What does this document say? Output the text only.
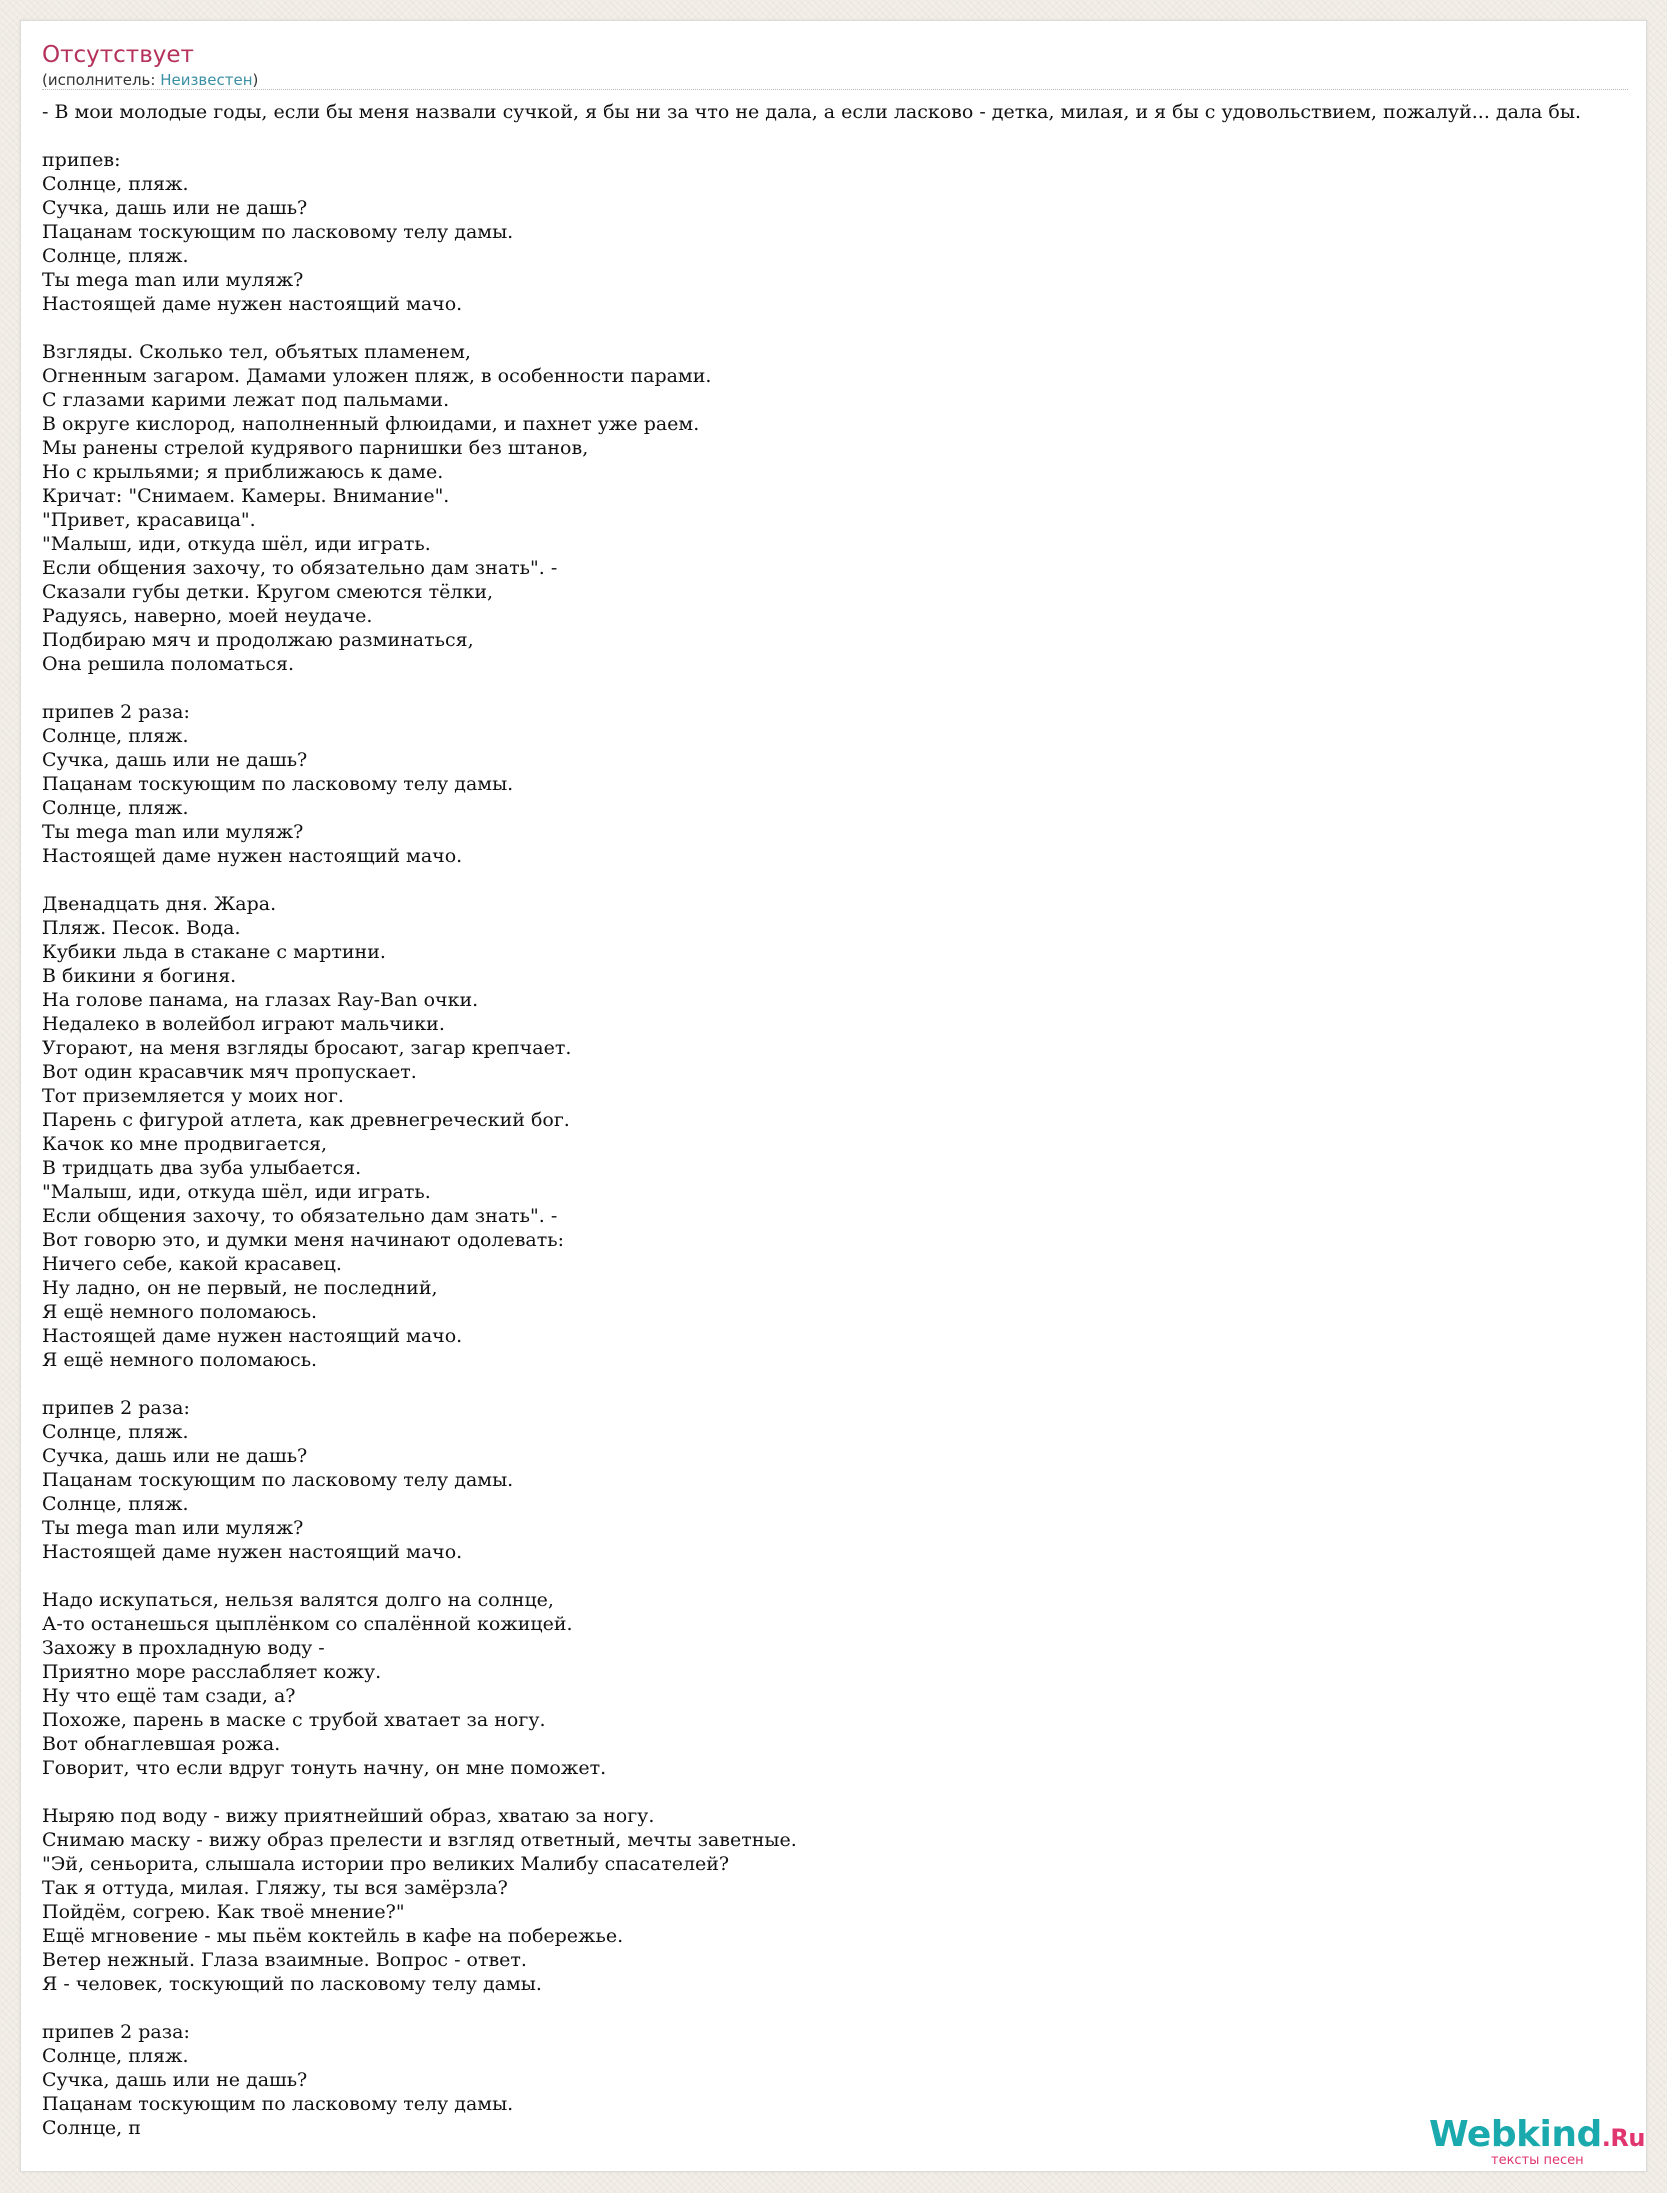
Отсутствует
(исполнитель: Неизвестен)
- В мои молодые годы, если бы меня назвали сучкой, я бы ни за что не дала, а если ласково - детка, милая, и я бы с удовольствием, пожалуй... дала бы.
припев:
Солнце, пляж.
Сучка, дашь или не дашь?
Пацанам тоскующим по ласковому телу дамы.
Солнце, пляж.
Ты mega man или муляж?
Настоящей даме нужен настоящий мачо.
Взгляды. Сколько тел, объятых пламенем,
Огненным загаром. Дамами уложен пляж, в особенности парами.
С глазами карими лежат под пальмами.
В округе кислород, наполненный флюидами, и пахнет уже раем.
Мы ранены стрелой кудрявого парнишки без штанов,
Но с крыльями; я приближаюсь к даме.
Кричат: "Снимаем. Камеры. Внимание".
"Привет, красавица".
"Малыш, иди, откуда шёл, иди играть.
Если общения захочу, то обязательно дам знать". -
Сказали губы детки. Кругом смеются тёлки,
Радуясь, наверно, моей неудаче.
Подбираю мяч и продолжаю разминаться,
Она решила поломаться.
припев 2 раза:
Солнце, пляж.
Сучка, дашь или не дашь?
Пацанам тоскующим по ласковому телу дамы.
Солнце, пляж.
Ты mega man или муляж?
Настоящей даме нужен настоящий мачо.
Двенадцать дня. Жара.
Пляж. Песок. Вода.
Кубики льда в стакане с мартини.
В бикини я богиня.
На голове панама, на глазах Ray-Ban очки.
Недалеко в волейбол играют мальчики.
Угорают, на меня взгляды бросают, загар крепчает.
Вот один красавчик мяч пропускает.
Тот приземляется у моих ног.
Парень с фигурой атлета, как древнегреческий бог.
Качок ко мне продвигается,
В тридцать два зуба улыбается.
"Малыш, иди, откуда шёл, иди играть.
Если общения захочу, то обязательно дам знать". -
Вот говорю это, и думки меня начинают одолевать:
Ничего себе, какой красавец.
Ну ладно, он не первый, не последний,
Я ещё немного поломаюсь.
Настоящей даме нужен настоящий мачо.
Я ещё немного поломаюсь.
припев 2 раза:
Солнце, пляж.
Сучка, дашь или не дашь?
Пацанам тоскующим по ласковому телу дамы.
Солнце, пляж.
Ты mega man или муляж?
Настоящей даме нужен настоящий мачо.
Надо искупаться, нельзя валятся долго на солнце,
А-то останешься цыплёнком со спалённой кожицей.
Захожу в прохладную воду -
Приятно море расслабляет кожу.
Ну что ещё там сзади, а?
Похоже, парень в маске с трубой хватает за ногу.
Вот обнаглевшая рожа.
Говорит, что если вдруг тонуть начну, он мне поможет.
Ныряю под воду - вижу приятнейший образ, хватаю за ногу.
Снимаю маску - вижу образ прелести и взгляд ответный, мечты заветные.
"Эй, сеньорита, слышала истории про великих Малибу спасателей?
Так я оттуда, милая. Гляжу, ты вся замёрзла?
Пойдём, согрею. Как твоё мнение?"
Ещё мгновение - мы пьём коктейль в кафе на побережье.
Ветер нежный. Глаза взаимные. Вопрос - ответ.
Я - человек, тоскующий по ласковому телу дамы.
припев 2 раза:
Солнце, пляж.
Сучка, дашь или не дашь?
Пацанам тоскующим по ласковому телу дамы.
Солнце, п	Webkind.Ru
тексты песен
